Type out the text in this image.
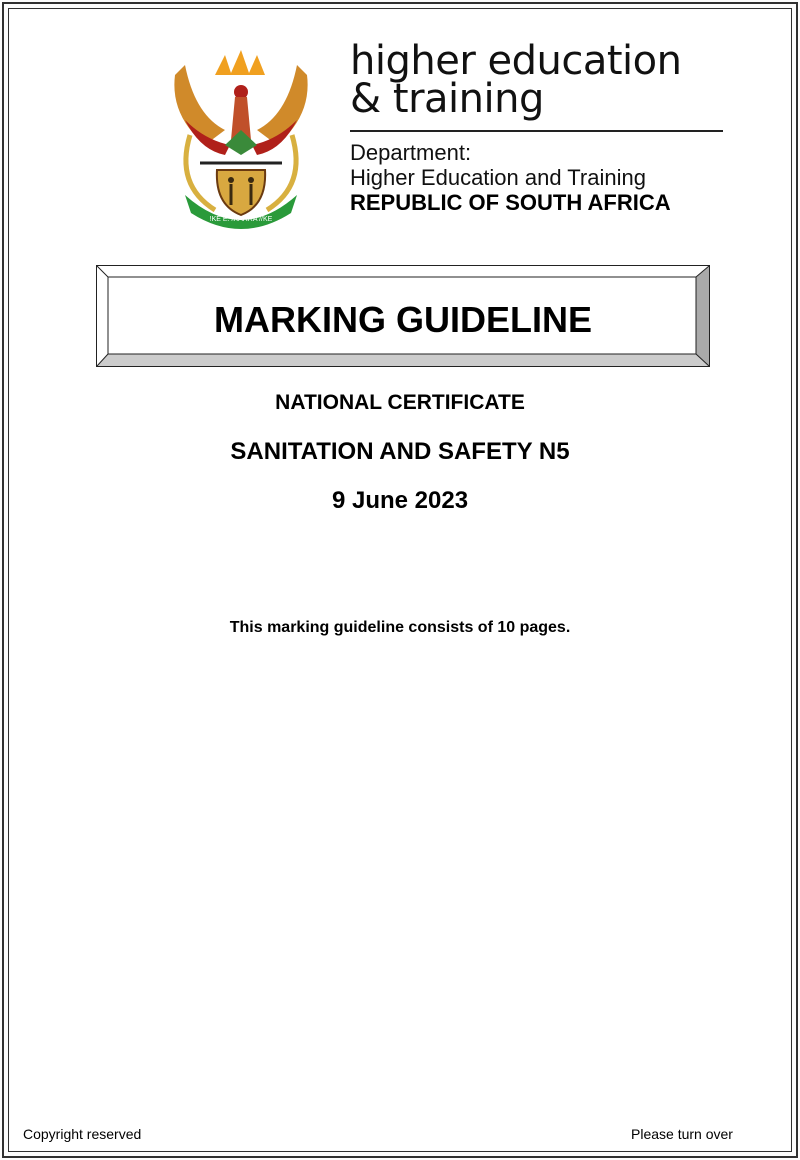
!KE E: /XARRA //KE
higher education
& training
Department:
Higher Education and Training
REPUBLIC OF SOUTH AFRICA
MARKING GUIDELINE
NATIONAL CERTIFICATE
SANITATION AND SAFETY N5
9 June 2023
This marking guideline consists of 10 pages.
Copyright reserved	Please turn over
